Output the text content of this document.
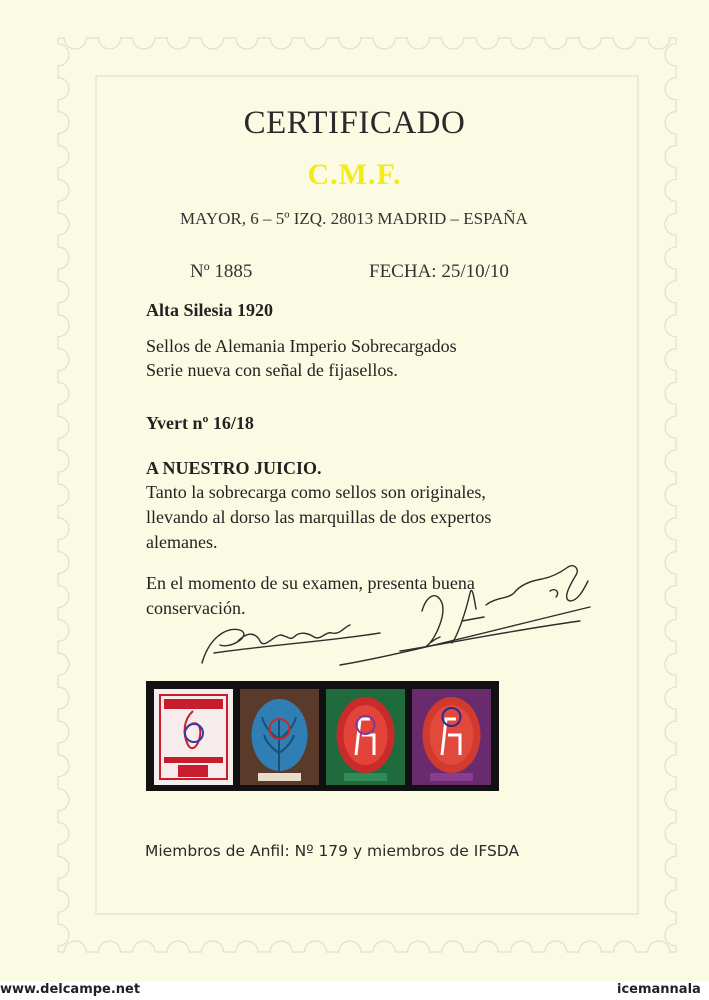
CERTIFICADO
C.M.F.
MAYOR, 6 – 5º IZQ. 28013 MADRID – ESPAÑA
Nº 1885	FECHA: 25/10/10
Alta Silesia 1920
Sellos de Alemania Imperio Sobrecargados
Serie nueva con señal de fijasellos.
Yvert nº 16/18
A NUESTRO JUICIO.
Tanto la sobrecarga como sellos son originales,
llevando al dorso las marquillas de dos expertos
alemanes.
En el momento de su examen, presenta buena
conservación.
Miembros de Anfil: Nº 179 y miembros de IFSDA
www.delcampe.net	icemannala
